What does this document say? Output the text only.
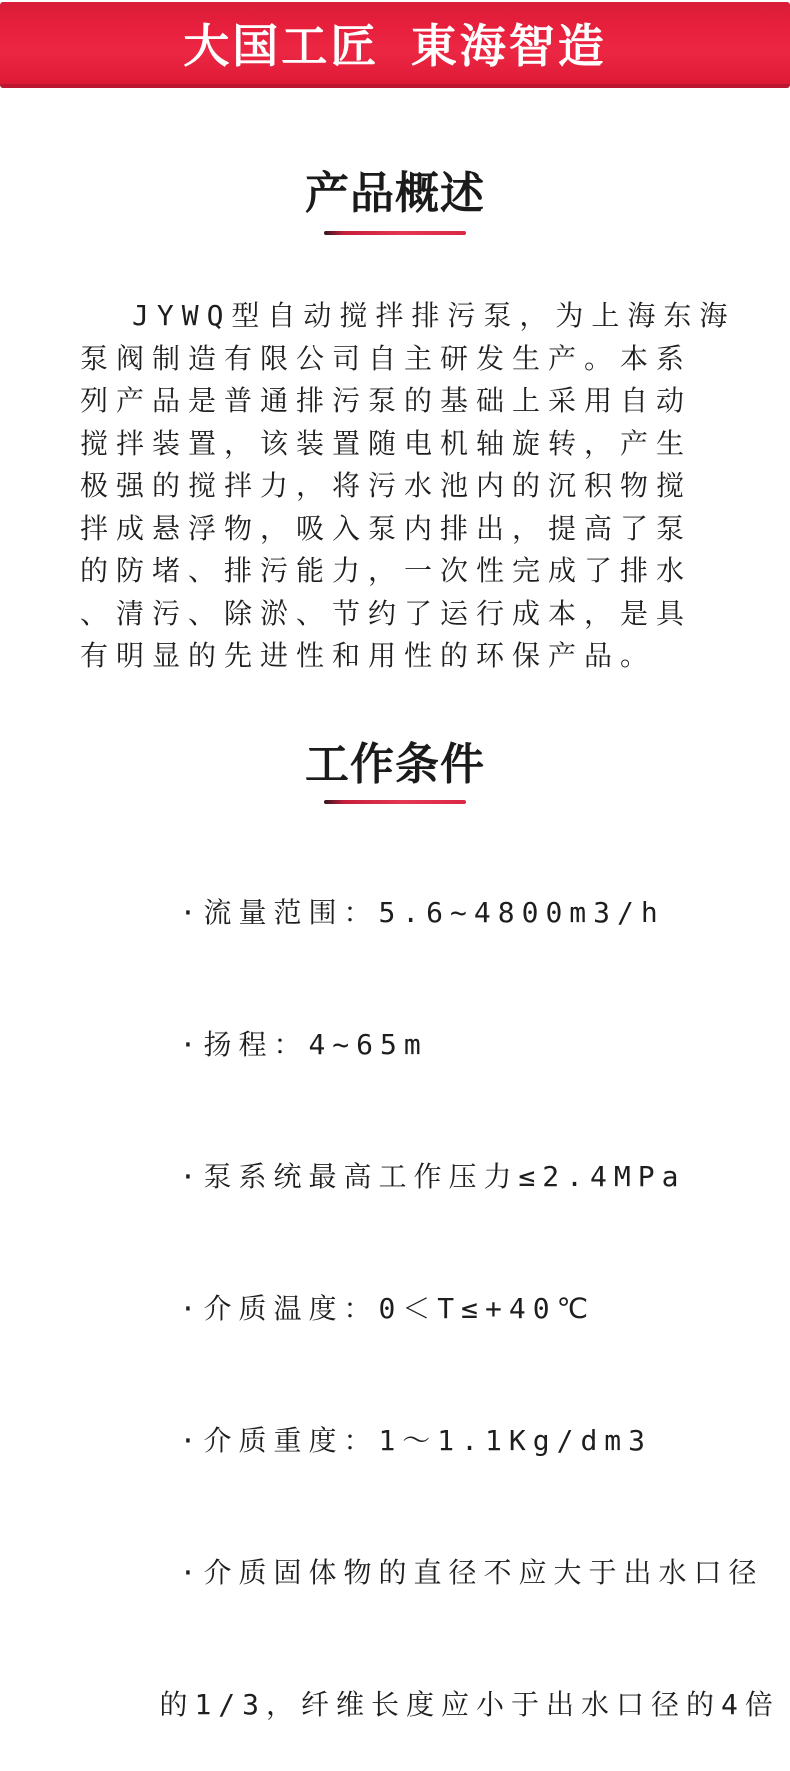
大国工匠  東海智造
产品概述
JYWQ型自动搅拌排污泵，为上海东海
泵阀制造有限公司自主研发生产。本系
列产品是普通排污泵的基础上采用自动
搅拌装置，该装置随电机轴旋转，产生
极强的搅拌力，将污水池内的沉积物搅
拌成悬浮物，吸入泵内排出，提高了泵
的防堵、排污能力，一次性完成了排水
、清污、除淤、节约了运行成本，是具
有明显的先进性和用性的环保产品。
工作条件

· 流量范围：5.6~4800m3/h

· 扬程：4~65m

· 泵系统最高工作压力≤2.4MPa

· 介质温度：0＜T≤+40℃

· 介质重度：1～1.1Kg/dm3

· 介质固体物的直径不应大于出水口径

的1/3，纤维长度应小于出水口径的4倍
